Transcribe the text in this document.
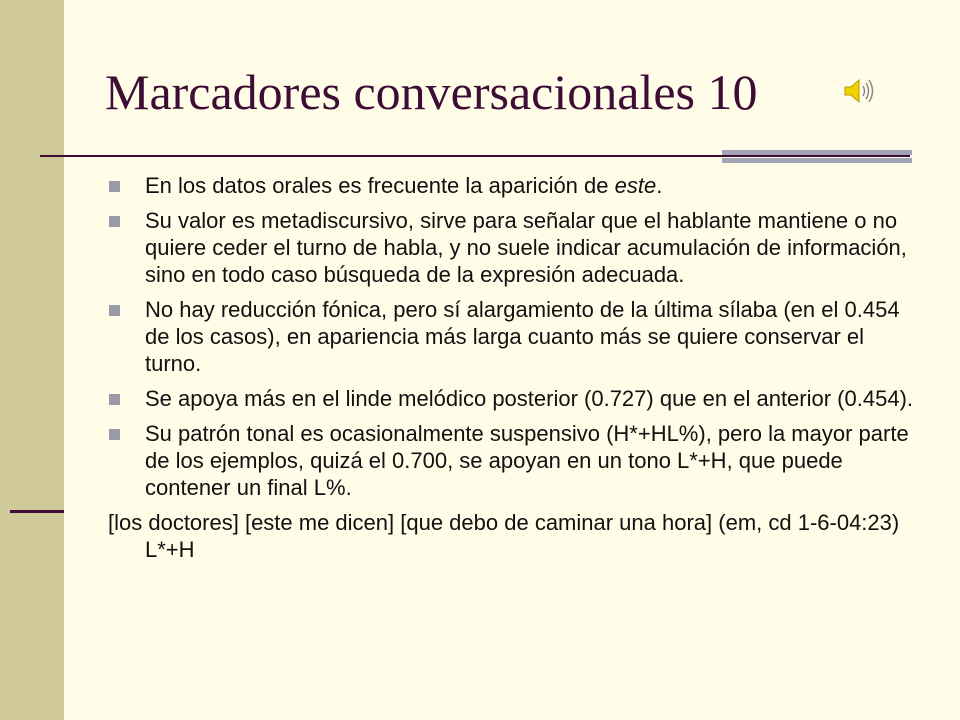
Marcadores conversacionales 10
En los datos orales es frecuente la aparición de este.
Su valor es metadiscursivo, sirve para señalar que el hablante mantiene o no quiere ceder el turno de habla, y no suele indicar acumulación de información, sino en todo caso búsqueda de la expresión adecuada.
No hay reducción fónica, pero sí alargamiento de la última sílaba (en el 0.454 de los casos), en apariencia más larga cuanto más se quiere conservar el turno.
Se apoya más en el linde melódico posterior (0.727) que en el anterior (0.454).
Su patrón tonal es ocasionalmente suspensivo (H*+HL%), pero la mayor parte de los ejemplos, quizá el 0.700, se apoyan en un tono L*+H, que puede contener un final L%.
[los doctores] [este me dicen] [que debo de caminar una hora] (em, cd 1-6-04:23) L*+H
